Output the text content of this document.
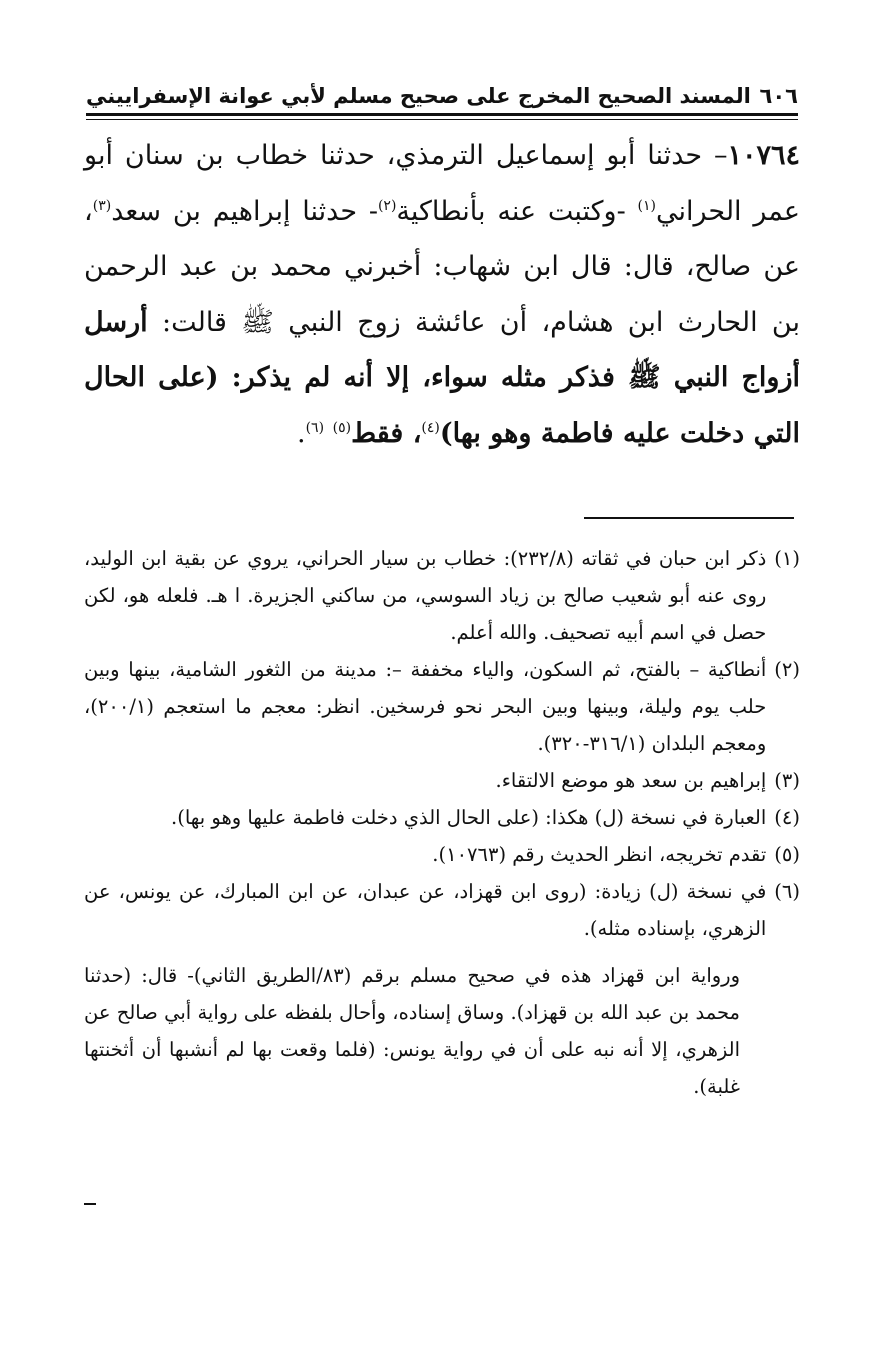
٦٠٦
المسند الصحيح المخرج على صحيح مسلم لأبي عوانة الإسفراييني
١٠٧٦٤– حدثنا أبو إسماعيل الترمذي، حدثنا خطاب بن سنان أبو عمر الحراني$^{(١)}$ -وكتبت عنه بأنطاكية$^{(٢)}$- حدثنا إبراهيم بن سعد$^{(٣)}$، عن صالح، قال: قال ابن شهاب: أخبرني محمد بن عبد الرحمن بن الحارث ابن هشام، أن عائشة زوج النبي ﷺ قالت: أرسل أزواج النبي ﷺ فذكر مثله سواء، إلا أنه لم يذكر: (على الحال التي دخلت عليه فاطمة وهو بها)$^{(٤)}$، فقط$^{(٥)}$ $^{(٦)}$.
(١)
ذكر ابن حبان في ثقاته (٢٣٢/٨): خطاب بن سيار الحراني، يروي عن بقية ابن الوليد، روى عنه أبو شعيب صالح بن زياد السوسي، من ساكني الجزيرة. ا هـ. فلعله هو، لكن حصل في اسم أبيه تصحيف. والله أعلم.
(٢)
أنطاكية – بالفتح، ثم السكون، والياء مخففة –: مدينة من الثغور الشامية، بينها وبين حلب يوم وليلة، وبينها وبين البحر نحو فرسخين. انظر: معجم ما استعجم (٢٠٠/١)، ومعجم البلدان (٣١٦/١-٣٢٠).
(٣)
إبراهيم بن سعد هو موضع الالتقاء.
(٤)
العبارة في نسخة (ل) هكذا: (على الحال الذي دخلت فاطمة عليها وهو بها).
(٥)
تقدم تخريجه، انظر الحديث رقم (١٠٧٦٣).
(٦)
في نسخة (ل) زيادة: (روى ابن قهزاد، عن عبدان، عن ابن المبارك، عن يونس، عن الزهري، بإسناده مثله).
ورواية ابن قهزاد هذه في صحيح مسلم برقم (٨٣/الطريق الثاني)- قال: (حدثنا محمد بن عبد الله بن قهزاد). وساق إسناده، وأحال بلفظه على رواية أبي صالح عن الزهري، إلا أنه نبه على أن في رواية يونس: (فلما وقعت بها لم أنشبها أن أثخنتها غلبة).
